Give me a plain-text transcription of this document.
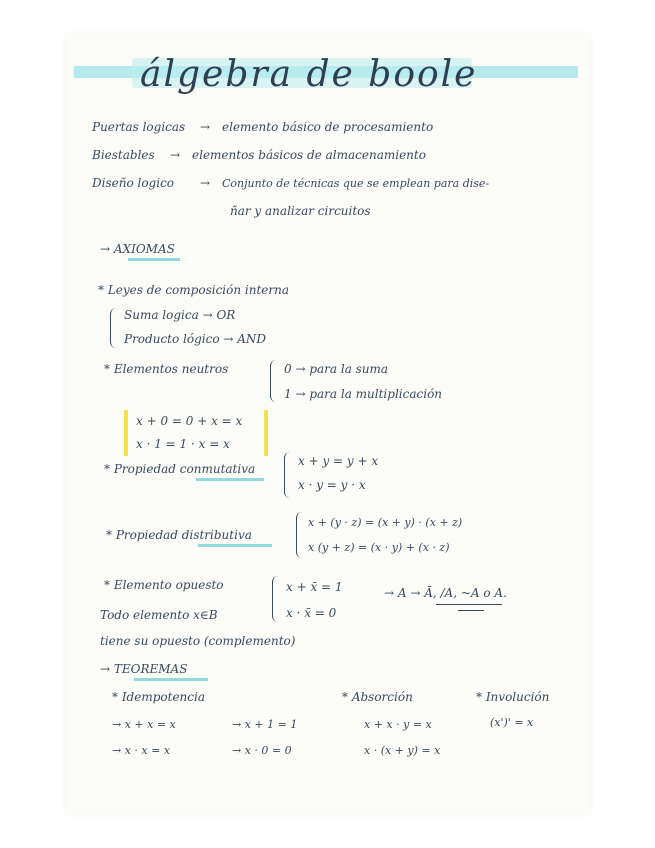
álgebra de boole
Puertas logicas → elemento básico de procesamiento
Biestables → elementos básicos de almacenamiento
Diseño logico → Conjunto de técnicas que se emplean para dise-
ñar y analizar circuitos
→ AXIOMAS
* Leyes de composición interna
Suma logica → OR
Producto lógico → AND
* Elementos neutros	0 → para la suma
1 → para la multiplicación
x + 0 = 0 + x = x
x · 1 = 1 · x = x
* Propiedad conmutativa
x + y = y + x
x · y = y · x
* Propiedad distributiva
x + (y · z) = (x + y) · (x + z)
x (y + z) = (x · y) + (x · z)
* Elemento opuesto	x + x̄ = 1
x · x̄ = 0
→ A → Ā, /A, ~A o A.
Todo elemento x∈B
tiene su opuesto (complemento)
→ TEOREMAS
* Idempotencia	* Absorción	* Involución
→ x + x = x	→ x + 1 = 1	x + x · y = x	(x')' = x
→ x · x = x	→ x · 0 = 0	x · (x + y) = x
